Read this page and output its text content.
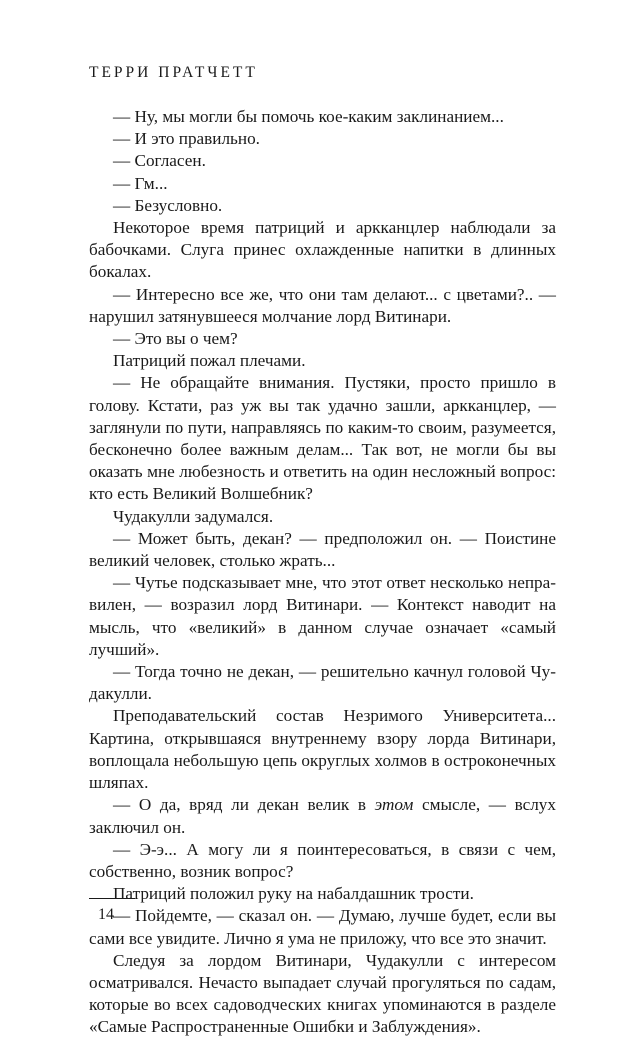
ТЕРРИ ПРАТЧЕТТ

— Ну, мы могли бы помочь кое-каким заклинанием...

— И это правильно.

— Согласен.

— Гм...

— Безусловно.

Некоторое время патриций и аркканцлер наблюдали за бабочками. Слуга принес охлажденные напитки в длинных бокалах.

— Интересно все же, что они там делают... с цветами?.. — нарушил затянувшееся молчание лорд Витинари.

— Это вы о чем?

Патриций пожал плечами.

— Не обращайте внимания. Пустяки, просто пришло в голову. Кстати, раз уж вы так удачно зашли, аркканцлер, — заглянули по пути, направляясь по каким-то своим, разумеется, бесконечно более важным делам... Так вот, не могли бы вы оказать мне любезность и ответить на один несложный вопрос: кто есть Великий Волшебник?

Чудакулли задумался.

— Может быть, декан? — предположил он. — Поистине великий человек, столько жрать...

— Чутье подсказывает мне, что этот ответ несколько неправилен, — возразил лорд Витинари. — Контекст наводит на мысль, что «великий» в данном случае означает «самый лучший».

— Тогда точно не декан, — решительно качнул головой Чудакулли.

Преподавательский состав Незримого Университета... Картина, открывшаяся внутреннему взору лорда Витинари, воплощала небольшую цепь округлых холмов в остроконечных шляпах.

— О да, вряд ли декан велик в этом смысле, — вслух заключил он.

— Э-э... А могу ли я поинтересоваться, в связи с чем, собственно, возник вопрос?

Патриций положил руку на набалдашник трости.

— Пойдемте, — сказал он. — Думаю, лучше будет, если вы сами все увидите. Лично я ума не приложу, что все это значит.

Следуя за лордом Витинари, Чудакулли с интересом осматривался. Нечасто выпадает случай прогуляться по садам, которые во всех садоводческих книгах упоминаются в разделе «Самые Распространенные Ошибки и Заблуждения».

14
